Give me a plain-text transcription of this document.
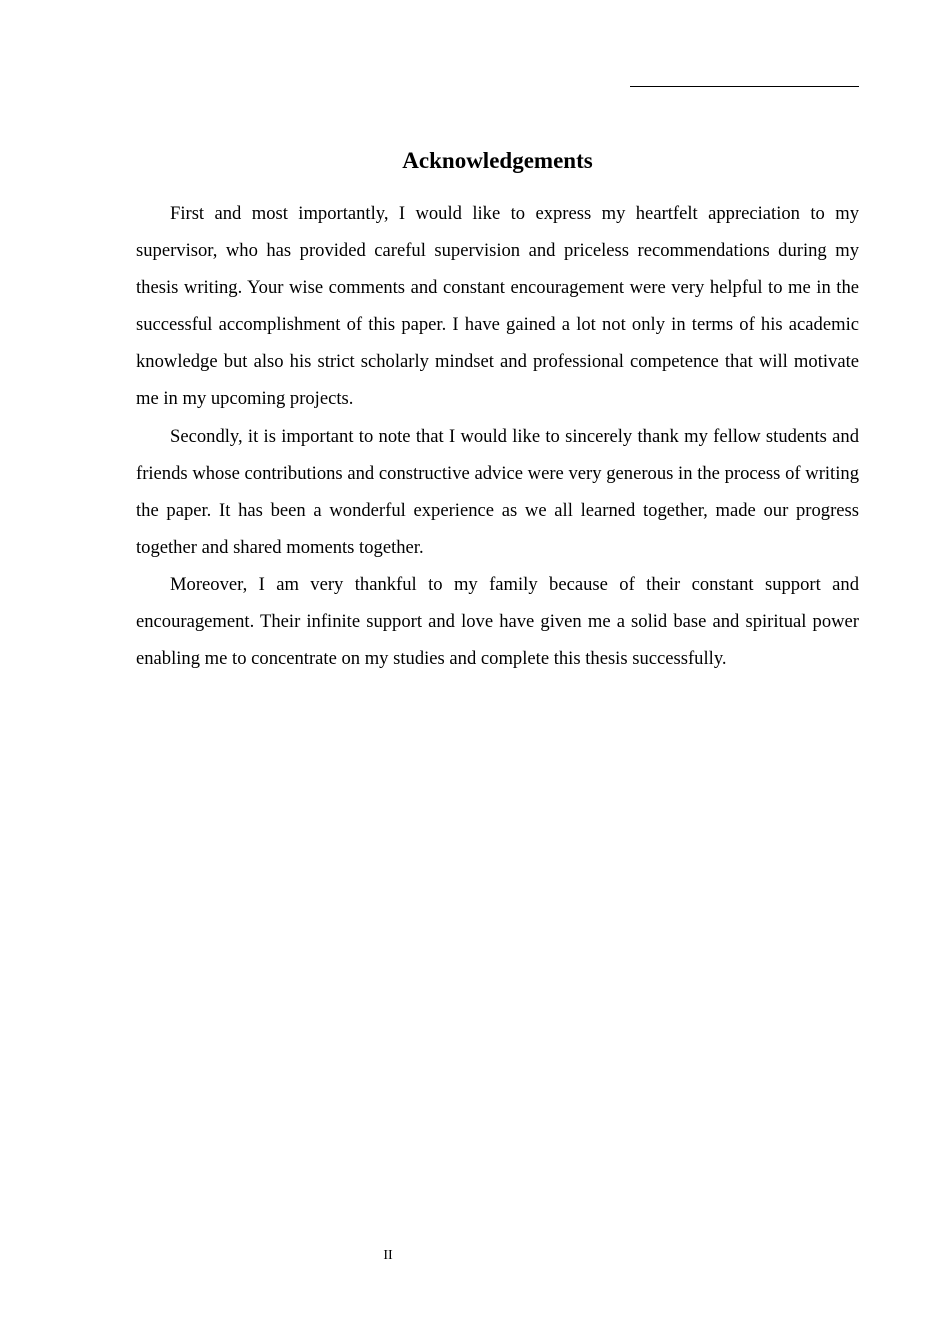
Acknowledgements

First and most importantly, I would like to express my heartfelt appreciation to my supervisor, who has provided careful supervision and priceless recommendations during my thesis writing. Your wise comments and constant encouragement were very helpful to me in the successful accomplishment of this paper. I have gained a lot not only in terms of his academic knowledge but also his strict scholarly mindset and professional competence that will motivate me in my upcoming projects.

Secondly, it is important to note that I would like to sincerely thank my fellow students and friends whose contributions and constructive advice were very generous in the process of writing the paper. It has been a wonderful experience as we all learned together, made our progress together and shared moments together.

Moreover, I am very thankful to my family because of their constant support and encouragement. Their infinite support and love have given me a solid base and spiritual power enabling me to concentrate on my studies and complete this thesis successfully.

II
